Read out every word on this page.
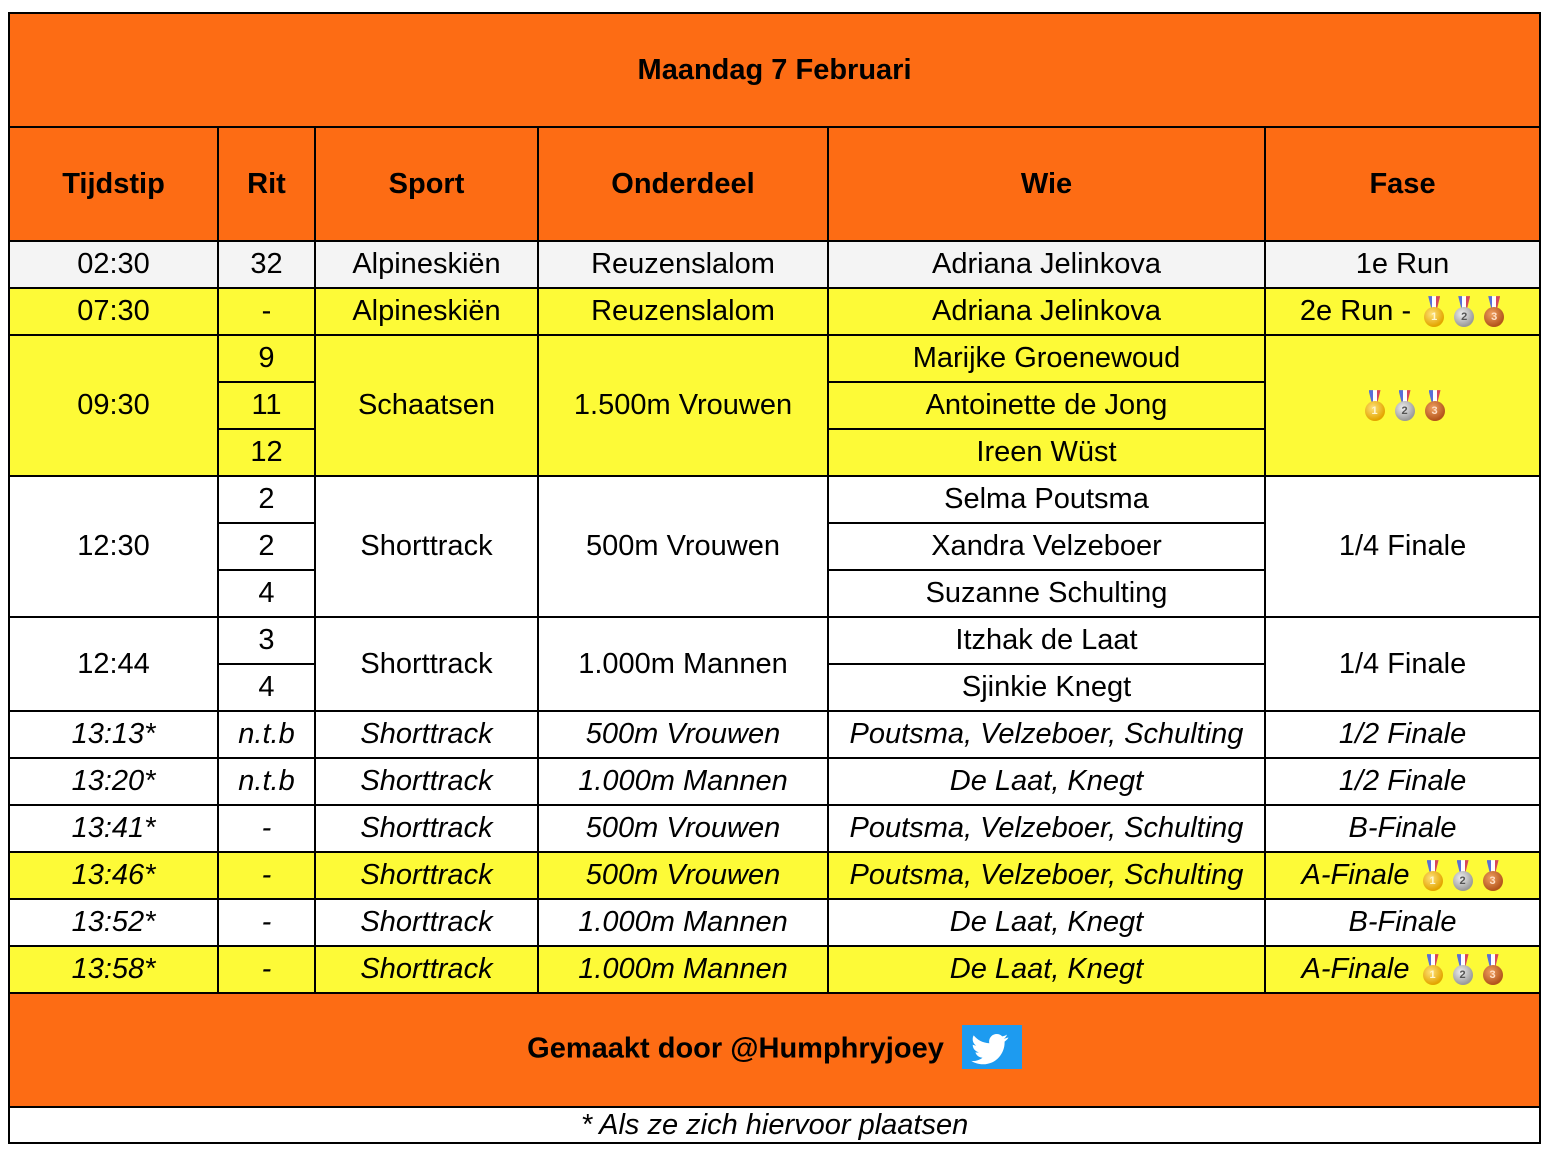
Maandag 7 Februari					
Tijdstip	Rit	Sport	Onderdeel	Wie	Fase
02:30	32	Alpineskiën	Reuzenslalom	Adriana Jelinkova	1e Run
07:30	-	Alpineskiën	Reuzenslalom	Adriana Jelinkova	2e Run - 1 2 3

09:30	9	Schaatsen	1.500m Vrouwen	Marijke Groenewoud	1 2 3

	11			Antoinette de Jong	
	12			Ireen Wüst	
12:30	2	Shorttrack	500m Vrouwen	Selma Poutsma	1/4 Finale
	2			Xandra Velzeboer	
	4			Suzanne Schulting	
12:44	3	Shorttrack	1.000m Mannen	Itzhak de Laat	1/4 Finale
	4			Sjinkie Knegt	
13:13*	n.t.b	Shorttrack	500m Vrouwen	Poutsma, Velzeboer, Schulting	1/2 Finale
13:20*	n.t.b	Shorttrack	1.000m Mannen	De Laat, Knegt	1/2 Finale
13:41*	-	Shorttrack	500m Vrouwen	Poutsma, Velzeboer, Schulting	B-Finale
13:46*	-	Shorttrack	500m Vrouwen	Poutsma, Velzeboer, Schulting	A-Finale 1 2 3

13:52*	-	Shorttrack	1.000m Mannen	De Laat, Knegt	B-Finale
13:58*	-	Shorttrack	1.000m Mannen	De Laat, Knegt	A-Finale 1 2 3

Gemaakt door @Humphryjoey					

* Als ze zich hiervoor plaatsen					
